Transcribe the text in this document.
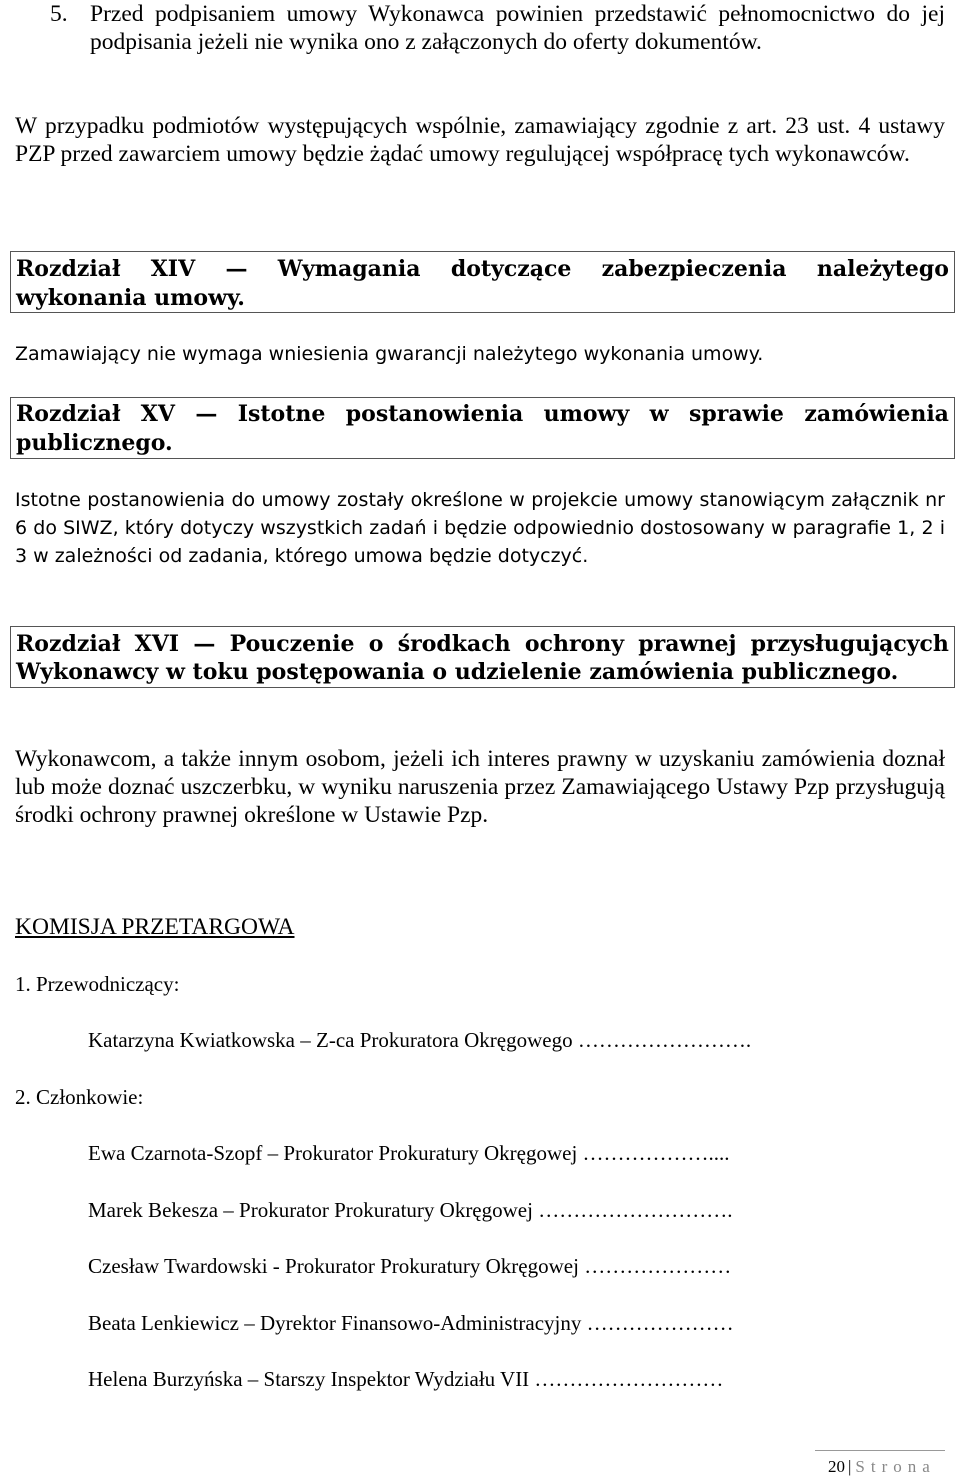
5. Przed podpisaniem umowy Wykonawca powinien przedstawić pełnomocnictwo do jej podpisania jeżeli nie wynika ono z załączonych do oferty dokumentów.

W przypadku podmiotów występujących wspólnie, zamawiający zgodnie z art. 23 ust. 4 ustawy PZP przed zawarciem umowy będzie żądać umowy regulującej współpracę tych wykonawców.

Rozdział XIV — Wymagania dotyczące zabezpieczenia należytego
wykonania umowy.

Zamawiający nie wymaga wniesienia gwarancji należytego wykonania umowy.

Rozdział XV — Istotne postanowienia umowy w sprawie zamówienia
publicznego.

Istotne postanowienia do umowy zostały określone w projekcie umowy stanowiącym załącznik nr 6 do SIWZ, który dotyczy wszystkich zadań i będzie odpowiednio dostosowany w paragrafie 1, 2 i 3 w zależności od zadania, którego umowa będzie dotyczyć.

Rozdział XVI — Pouczenie o środkach ochrony prawnej przysługujących
Wykonawcy w toku postępowania o udzielenie zamówienia publicznego.

Wykonawcom, a także innym osobom, jeżeli ich interes prawny w uzyskaniu zamówienia doznał lub może doznać uszczerbku, w wyniku naruszenia przez Zamawiającego Ustawy Pzp przysługują środki ochrony prawnej określone w Ustawie Pzp.

KOMISJA PRZETARGOWA

1. Przewodniczący:

Katarzyna Kwiatkowska – Z-ca Prokuratora Okręgowego …………………….

2. Członkowie:

Ewa Czarnota-Szopf – Prokurator Prokuratury Okręgowej ………………....

Marek Bekesza – Prokurator Prokuratury Okręgowej ……………………….

Czesław Twardowski - Prokurator Prokuratury Okręgowej …………………

Beata Lenkiewicz – Dyrektor Finansowo-Administracyjny …………………

Helena Burzyńska – Starszy Inspektor Wydziału VII ………………………

20 | Strona
